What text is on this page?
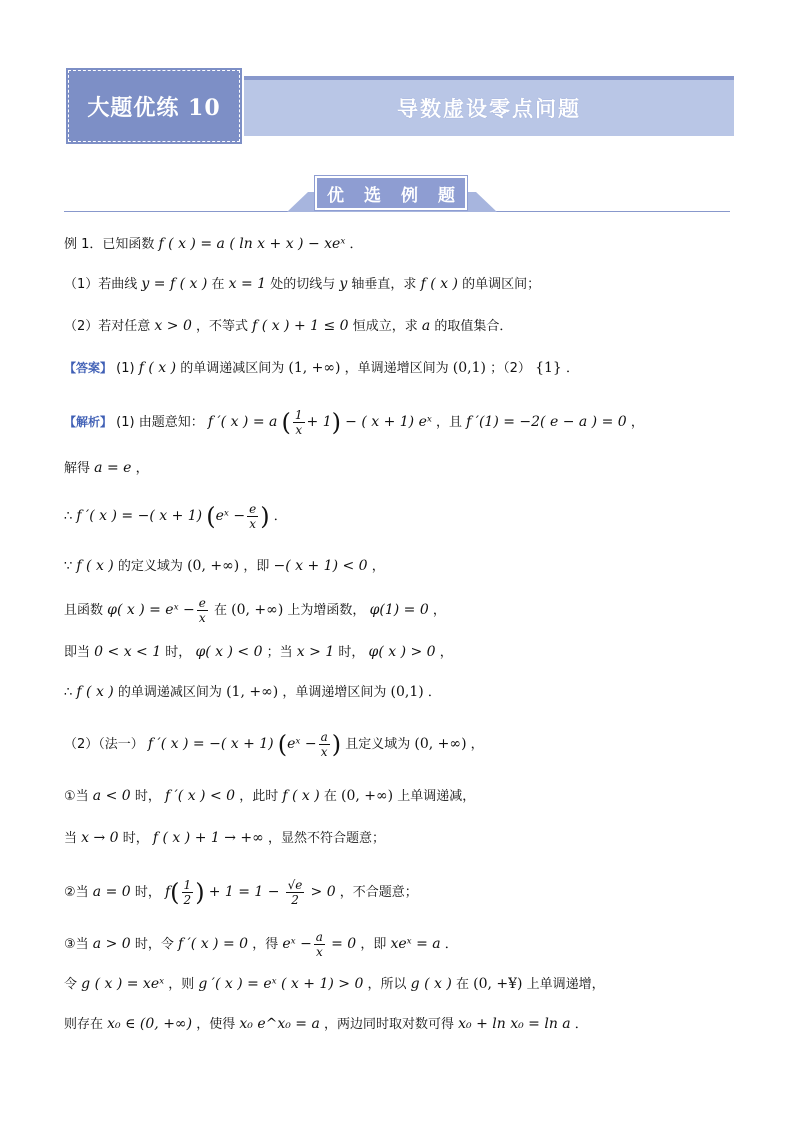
大题优练 10	导数虚设零点问题
优 选 例 题
例 1．已知函数 f ( x ) = a ( ln x + x ) − xeˣ ．
（1）若曲线 y = f ( x ) 在 x = 1 处的切线与 y 轴垂直，求 f ( x ) 的单调区间；
（2）若对任意 x > 0 ，不等式 f ( x ) + 1 ≤ 0 恒成立，求 a 的取值集合．
【答案】 (1) f ( x ) 的单调递减区间为 (1, +∞) ，单调递增区间为 (0,1) ；（2） {1} ．
【解析】 (1) 由题意知： f ′( x ) = a ( $\frac{1}{x} + 1$) − ( x + 1) eˣ ，且 f ′(1) = −2( e − a ) = 0 ，
解得 a = e ，
∴ f ′( x ) = −( x + 1) (eˣ − $\frac{e}{x}$ ) ．
∵ f ( x ) 的定义域为 (0, +∞) ，即 −( x + 1) < 0 ，
且函数 φ( x ) = eˣ − $\frac{e}{x}$ 在 (0, +∞) 上为增函数， φ(1) = 0 ，
即当 0 < x < 1 时， φ( x ) < 0 ；当 x > 1 时， φ( x ) > 0 ，
∴ f ( x ) 的单调递减区间为 (1, +∞) ，单调递增区间为 (0,1) ．
（2）（法一） f ′( x ) = −( x + 1) (eˣ − $\frac{a}{x}$ ) 且定义域为 (0, +∞) ，
①当 a < 0 时， f ′( x ) < 0 ，此时 f ( x ) 在 (0, +∞) 上单调递减，
当 x → 0 时， f ( x ) + 1 → +∞ ，显然不符合题意；
②当 a = 0 时， $f( \frac{1}{2}$ ) + $1 = 1 - \frac{√e}{2} > 0$ ，不合题意；
③当 a > 0 时，令 f ′( x ) = 0 ，得 eˣ − $\frac{a}{x} = 0$ ，即 xeˣ = a ．
令 g ( x ) = xeˣ ，则 g ′( x ) = eˣ ( x + 1) > 0 ，所以 g ( x ) 在 (0, +¥) 上单调递增，
则存在 x₀ ∈ (0, +∞) ，使得 x₀ e^x₀ = a ，两边同时取对数可得 x₀ + ln x₀ = ln a ．
